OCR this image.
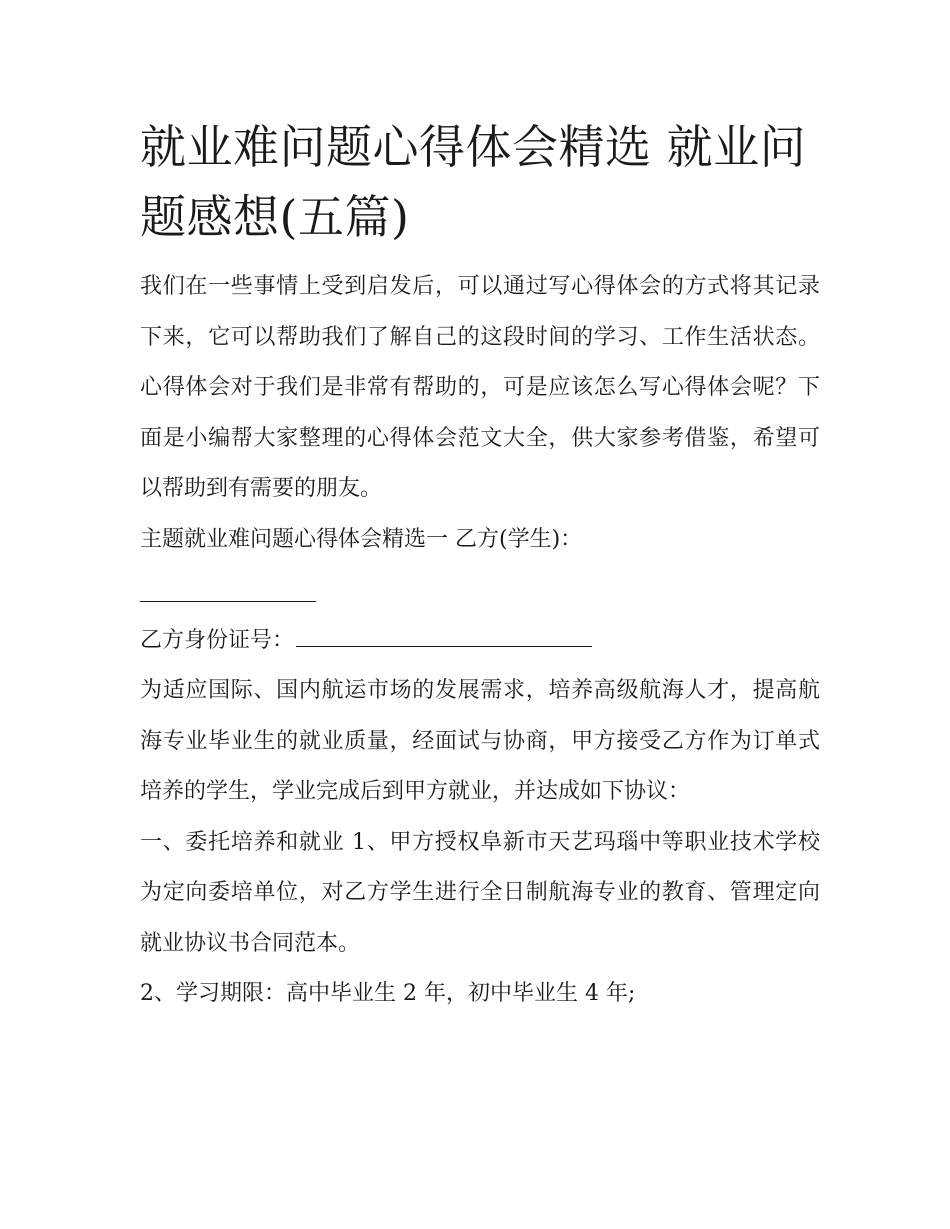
就业难问题心得体会精选 就业问题感想(五篇)

我们在一些事情上受到启发后，可以通过写心得体会的方式将其记录下来，它可以帮助我们了解自己的这段时间的学习、工作生活状态。心得体会对于我们是非常有帮助的，可是应该怎么写心得体会呢？下面是小编帮大家整理的心得体会范文大全，供大家参考借鉴，希望可以帮助到有需要的朋友。

主题就业难问题心得体会精选一 乙方(学生)：

乙方身份证号：

为适应国际、国内航运市场的发展需求，培养高级航海人才，提高航海专业毕业生的就业质量，经面试与协商，甲方接受乙方作为订单式培养的学生，学业完成后到甲方就业，并达成如下协议：

一、委托培养和就业 1、甲方授权阜新市天艺玛瑙中等职业技术学校为定向委培单位，对乙方学生进行全日制航海专业的教育、管理定向就业协议书合同范本。

2、学习期限：高中毕业生 2 年，初中毕业生 4 年;
